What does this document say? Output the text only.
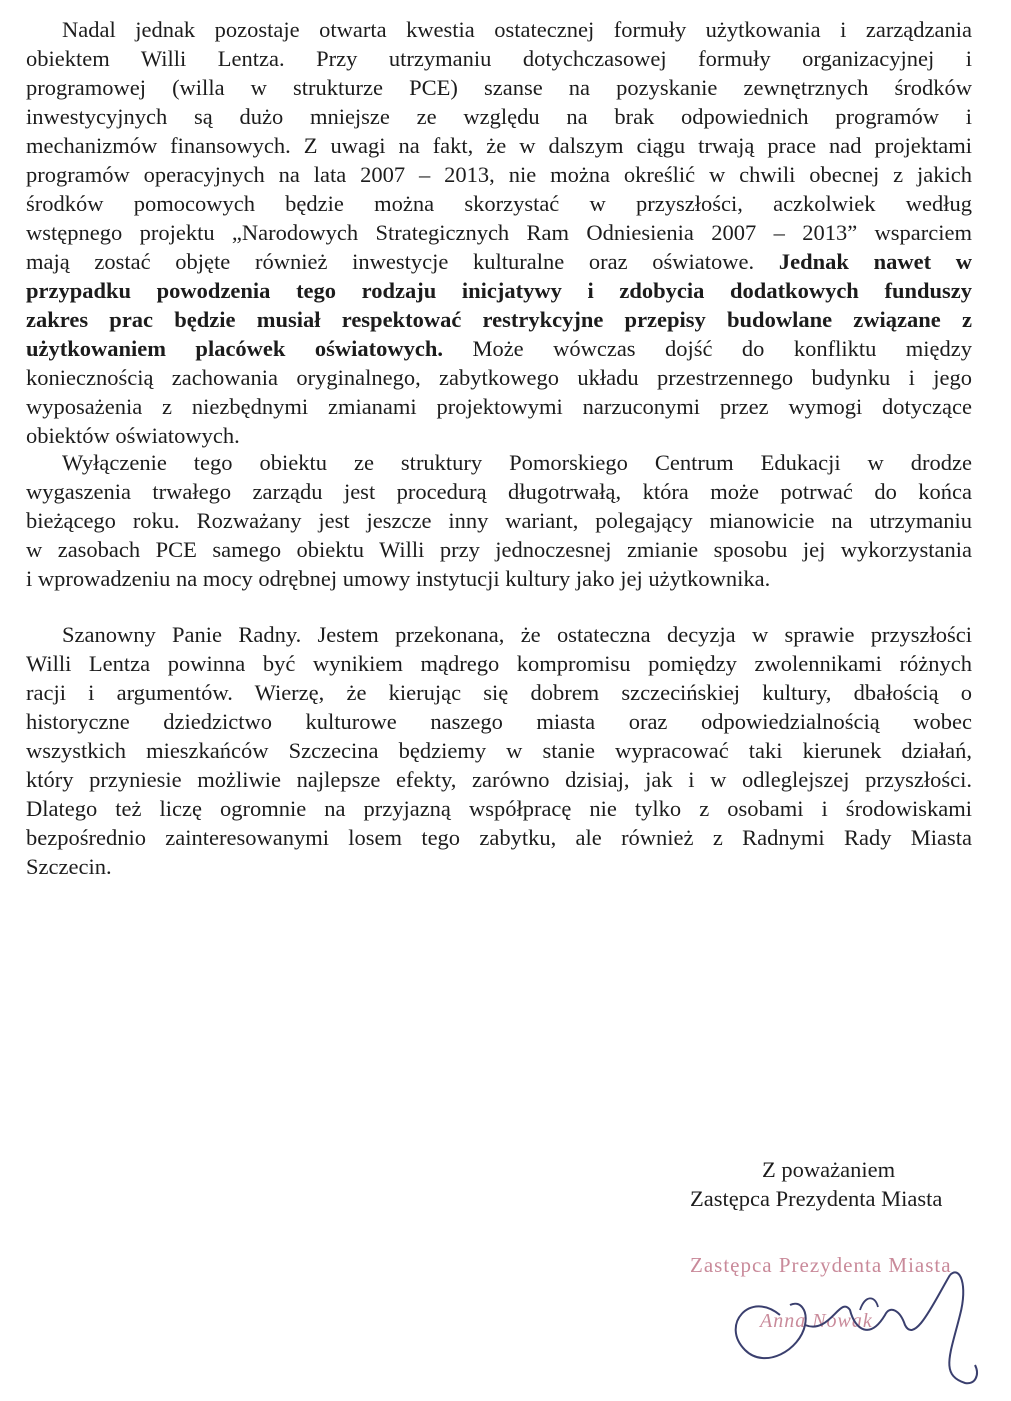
Nadal jednak pozostaje otwarta kwestia ostatecznej formuły użytkowania i zarządzania
obiektem Willi Lentza. Przy utrzymaniu dotychczasowej formuły organizacyjnej i
programowej (willa w strukturze PCE) szanse na pozyskanie zewnętrznych środków
inwestycyjnych są dużo mniejsze ze względu na brak odpowiednich programów i
mechanizmów finansowych. Z uwagi na fakt, że w dalszym ciągu trwają prace nad projektami
programów operacyjnych na lata 2007 – 2013, nie można określić w chwili obecnej z jakich
środków pomocowych będzie można skorzystać w przyszłości, aczkolwiek według
wstępnego projektu „Narodowych Strategicznych Ram Odniesienia 2007 – 2013” wsparciem
mają zostać objęte również inwestycje kulturalne oraz oświatowe. Jednak nawet w
przypadku powodzenia tego rodzaju inicjatywy i zdobycia dodatkowych funduszy
zakres prac będzie musiał respektować restrykcyjne przepisy budowlane związane z
użytkowaniem placówek oświatowych. Może wówczas dojść do konfliktu między
koniecznością zachowania oryginalnego, zabytkowego układu przestrzennego budynku i jego
wyposażenia z niezbędnymi zmianami projektowymi narzuconymi przez wymogi dotyczące
obiektów oświatowych.
Wyłączenie tego obiektu ze struktury Pomorskiego Centrum Edukacji w drodze
wygaszenia trwałego zarządu jest procedurą długotrwałą, która może potrwać do końca
bieżącego roku. Rozważany jest jeszcze inny wariant, polegający mianowicie na utrzymaniu
w zasobach PCE samego obiektu Willi przy jednoczesnej zmianie sposobu jej wykorzystania
i wprowadzeniu na mocy odrębnej umowy instytucji kultury jako jej użytkownika.
Szanowny Panie Radny. Jestem przekonana, że ostateczna decyzja w sprawie przyszłości
Willi Lentza powinna być wynikiem mądrego kompromisu pomiędzy zwolennikami różnych
racji i argumentów. Wierzę, że kierując się dobrem szczecińskiej kultury, dbałością o
historyczne dziedzictwo kulturowe naszego miasta oraz odpowiedzialnością wobec
wszystkich mieszkańców Szczecina będziemy w stanie wypracować taki kierunek działań,
który przyniesie możliwie najlepsze efekty, zarówno dzisiaj, jak i w odleglejszej przyszłości.
Dlatego też liczę ogromnie na przyjazną współpracę nie tylko z osobami i środowiskami
bezpośrednio zainteresowanymi losem tego zabytku, ale również z Radnymi Rady Miasta
Szczecin.
Z poważaniem
Zastępca Prezydenta Miasta
Zastępca Prezydenta Miasta
Anna Nowak
